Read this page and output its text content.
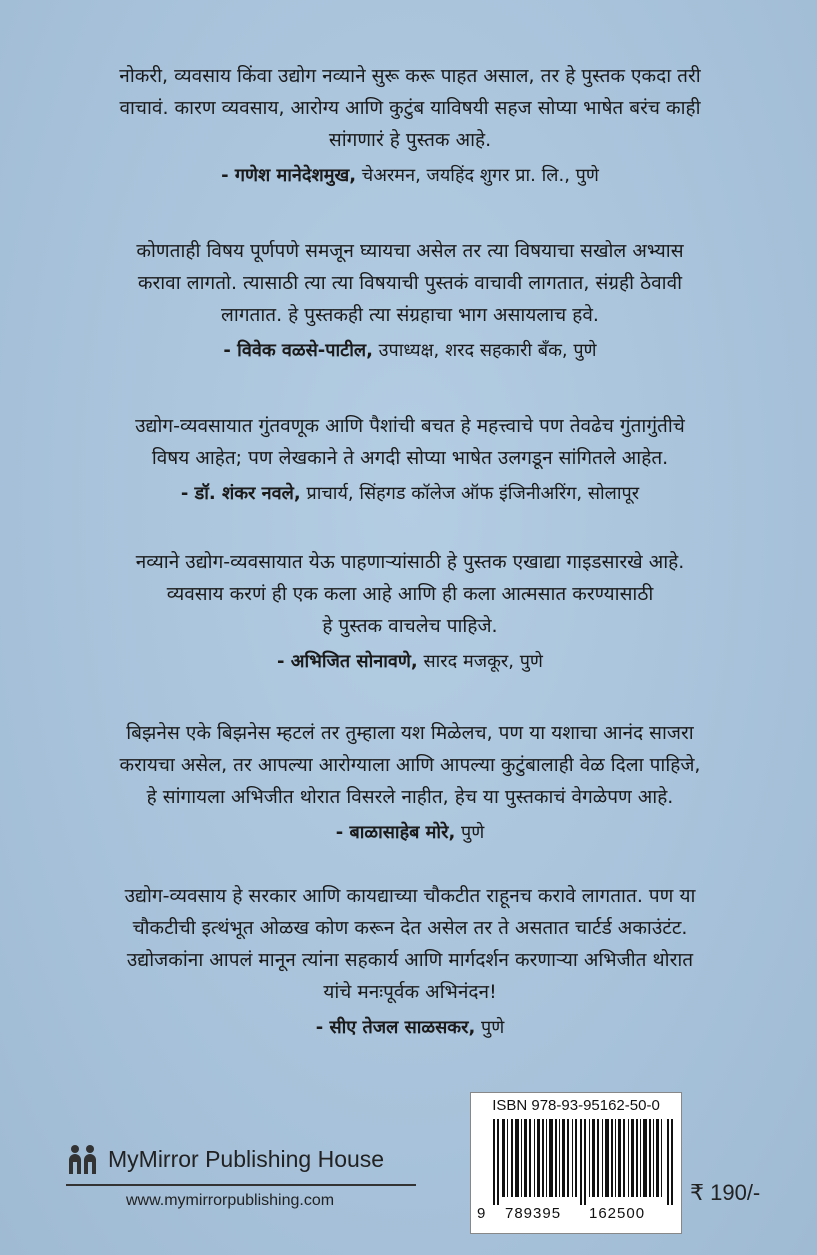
नोकरी, व्यवसाय किंवा उद्योग नव्याने सुरू करू पाहत असाल, तर हे पुस्तक एकदा तरी

वाचावं. कारण व्यवसाय, आरोग्य आणि कुटुंब याविषयी सहज सोप्या भाषेत बरंच काही

सांगणारं हे पुस्तक आहे.

- गणेश मानेदेशमुख, चेअरमन, जयहिंद शुगर प्रा. लि., पुणे

कोणताही विषय पूर्णपणे समजून घ्यायचा असेल तर त्या विषयाचा सखोल अभ्यास

करावा लागतो. त्यासाठी त्या त्या विषयाची पुस्तकं वाचावी लागतात, संग्रही ठेवावी

लागतात. हे पुस्तकही त्या संग्रहाचा भाग असायलाच हवे.

- विवेक वळसे-पाटील, उपाध्यक्ष, शरद सहकारी बँक, पुणे

उद्योग-व्यवसायात गुंतवणूक आणि पैशांची बचत हे महत्त्वाचे पण तेवढेच गुंतागुंतीचे

विषय आहेत; पण लेखकाने ते अगदी सोप्या भाषेत उलगडून सांगितले आहेत.

- डॉ. शंकर नवले, प्राचार्य, सिंहगड कॉलेज ऑफ इंजिनीअरिंग, सोलापूर

नव्याने उद्योग-व्यवसायात येऊ पाहणाऱ्यांसाठी हे पुस्तक एखाद्या गाइडसारखे आहे.

व्यवसाय करणं ही एक कला आहे आणि ही कला आत्मसात करण्यासाठी

हे पुस्तक वाचलेच पाहिजे.

- अभिजित सोनावणे, सारद मजकूर, पुणे

बिझनेस एके बिझनेस म्हटलं तर तुम्हाला यश मिळेलच, पण या यशाचा आनंद साजरा

करायचा असेल, तर आपल्या आरोग्याला आणि आपल्या कुटुंबालाही वेळ दिला पाहिजे,

हे सांगायला अभिजीत थोरात विसरले नाहीत, हेच या पुस्तकाचं वेगळेपण आहे.

- बाळासाहेब मोरे, पुणे

उद्योग-व्यवसाय हे सरकार आणि कायद्याच्या चौकटीत राहूनच करावे लागतात. पण या

चौकटीची इत्थंभूत ओळख कोण करून देत असेल तर ते असतात चार्टर्ड अकाउंटंट.

उद्योजकांना आपलं मानून त्यांना सहकार्य आणि मार्गदर्शन करणाऱ्या अभिजीत थोरात

यांचे मनःपूर्वक अभिनंदन!

- सीए तेजल साळसकर, पुणे
MyMirror Publishing House
www.mymirrorpublishing.com
ISBN 978-93-95162-50-0
9 789395 162500
₹ 190/-
